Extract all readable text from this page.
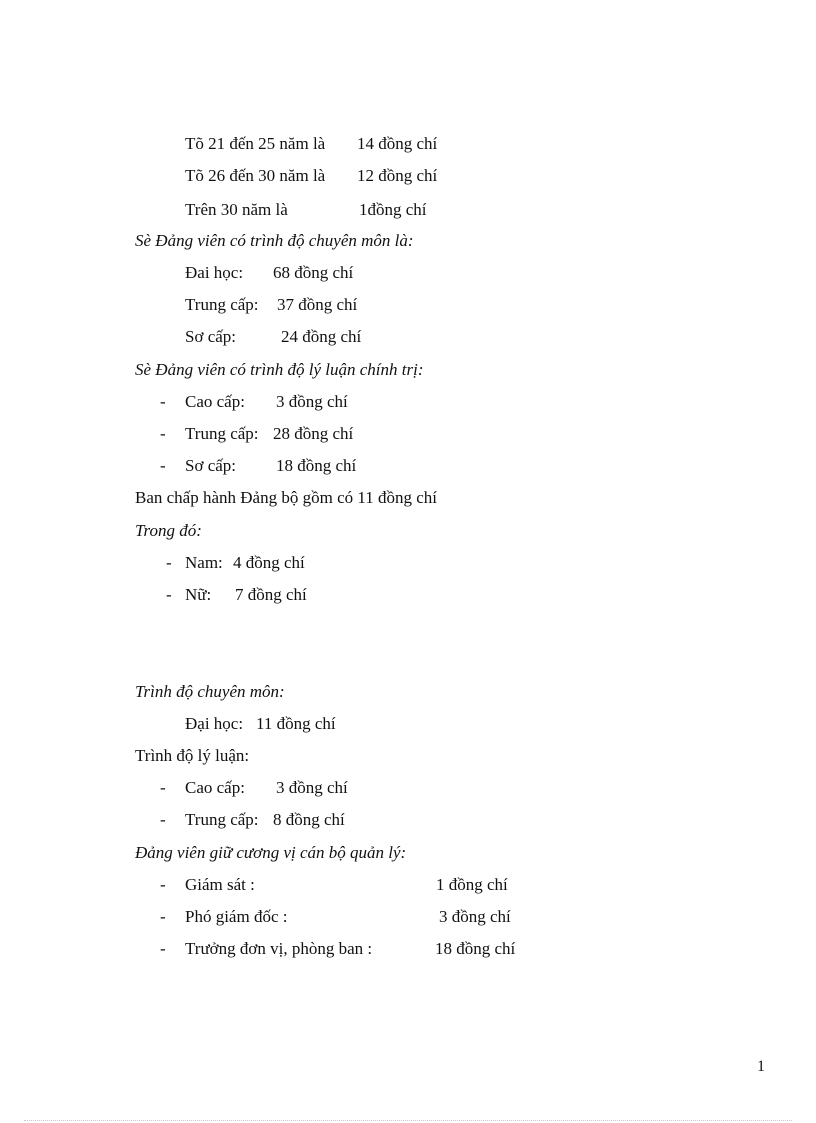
Tõ 21 đến 25 năm là 14 đồng chí
Tõ 26 đến 30 năm là 12 đồng chí
Trên 30 năm là	1đồng chí
Sè Đảng viên có trình độ chuyên môn là:
Đai học: 68 đồng chí
Trung cấp: 37 đồng chí
Sơ cấp:	24 đồng chí
Sè Đảng viên có trình độ lý luận chính trị:
- Cao cấp: 3 đồng chí
- Trung cấp: 28 đồng chí
- Sơ cấp: 18 đồng chí
Ban chấp hành Đảng bộ gồm có 11 đồng chí
Trong đó:
- Nam: 4 đồng chí
- Nữ: 7 đồng chí
Trình độ chuyên môn:
Đại học: 11 đồng chí
Trình độ lý luận:
- Cao cấp: 3 đồng chí
- Trung cấp: 8 đồng chí
Đảng viên giữ cương vị cán bộ quản lý:
- Giám sát :	1 đồng chí
- Phó giám đốc :	3 đồng chí
- Trưởng đơn vị, phòng ban :	18 đồng chí
1
